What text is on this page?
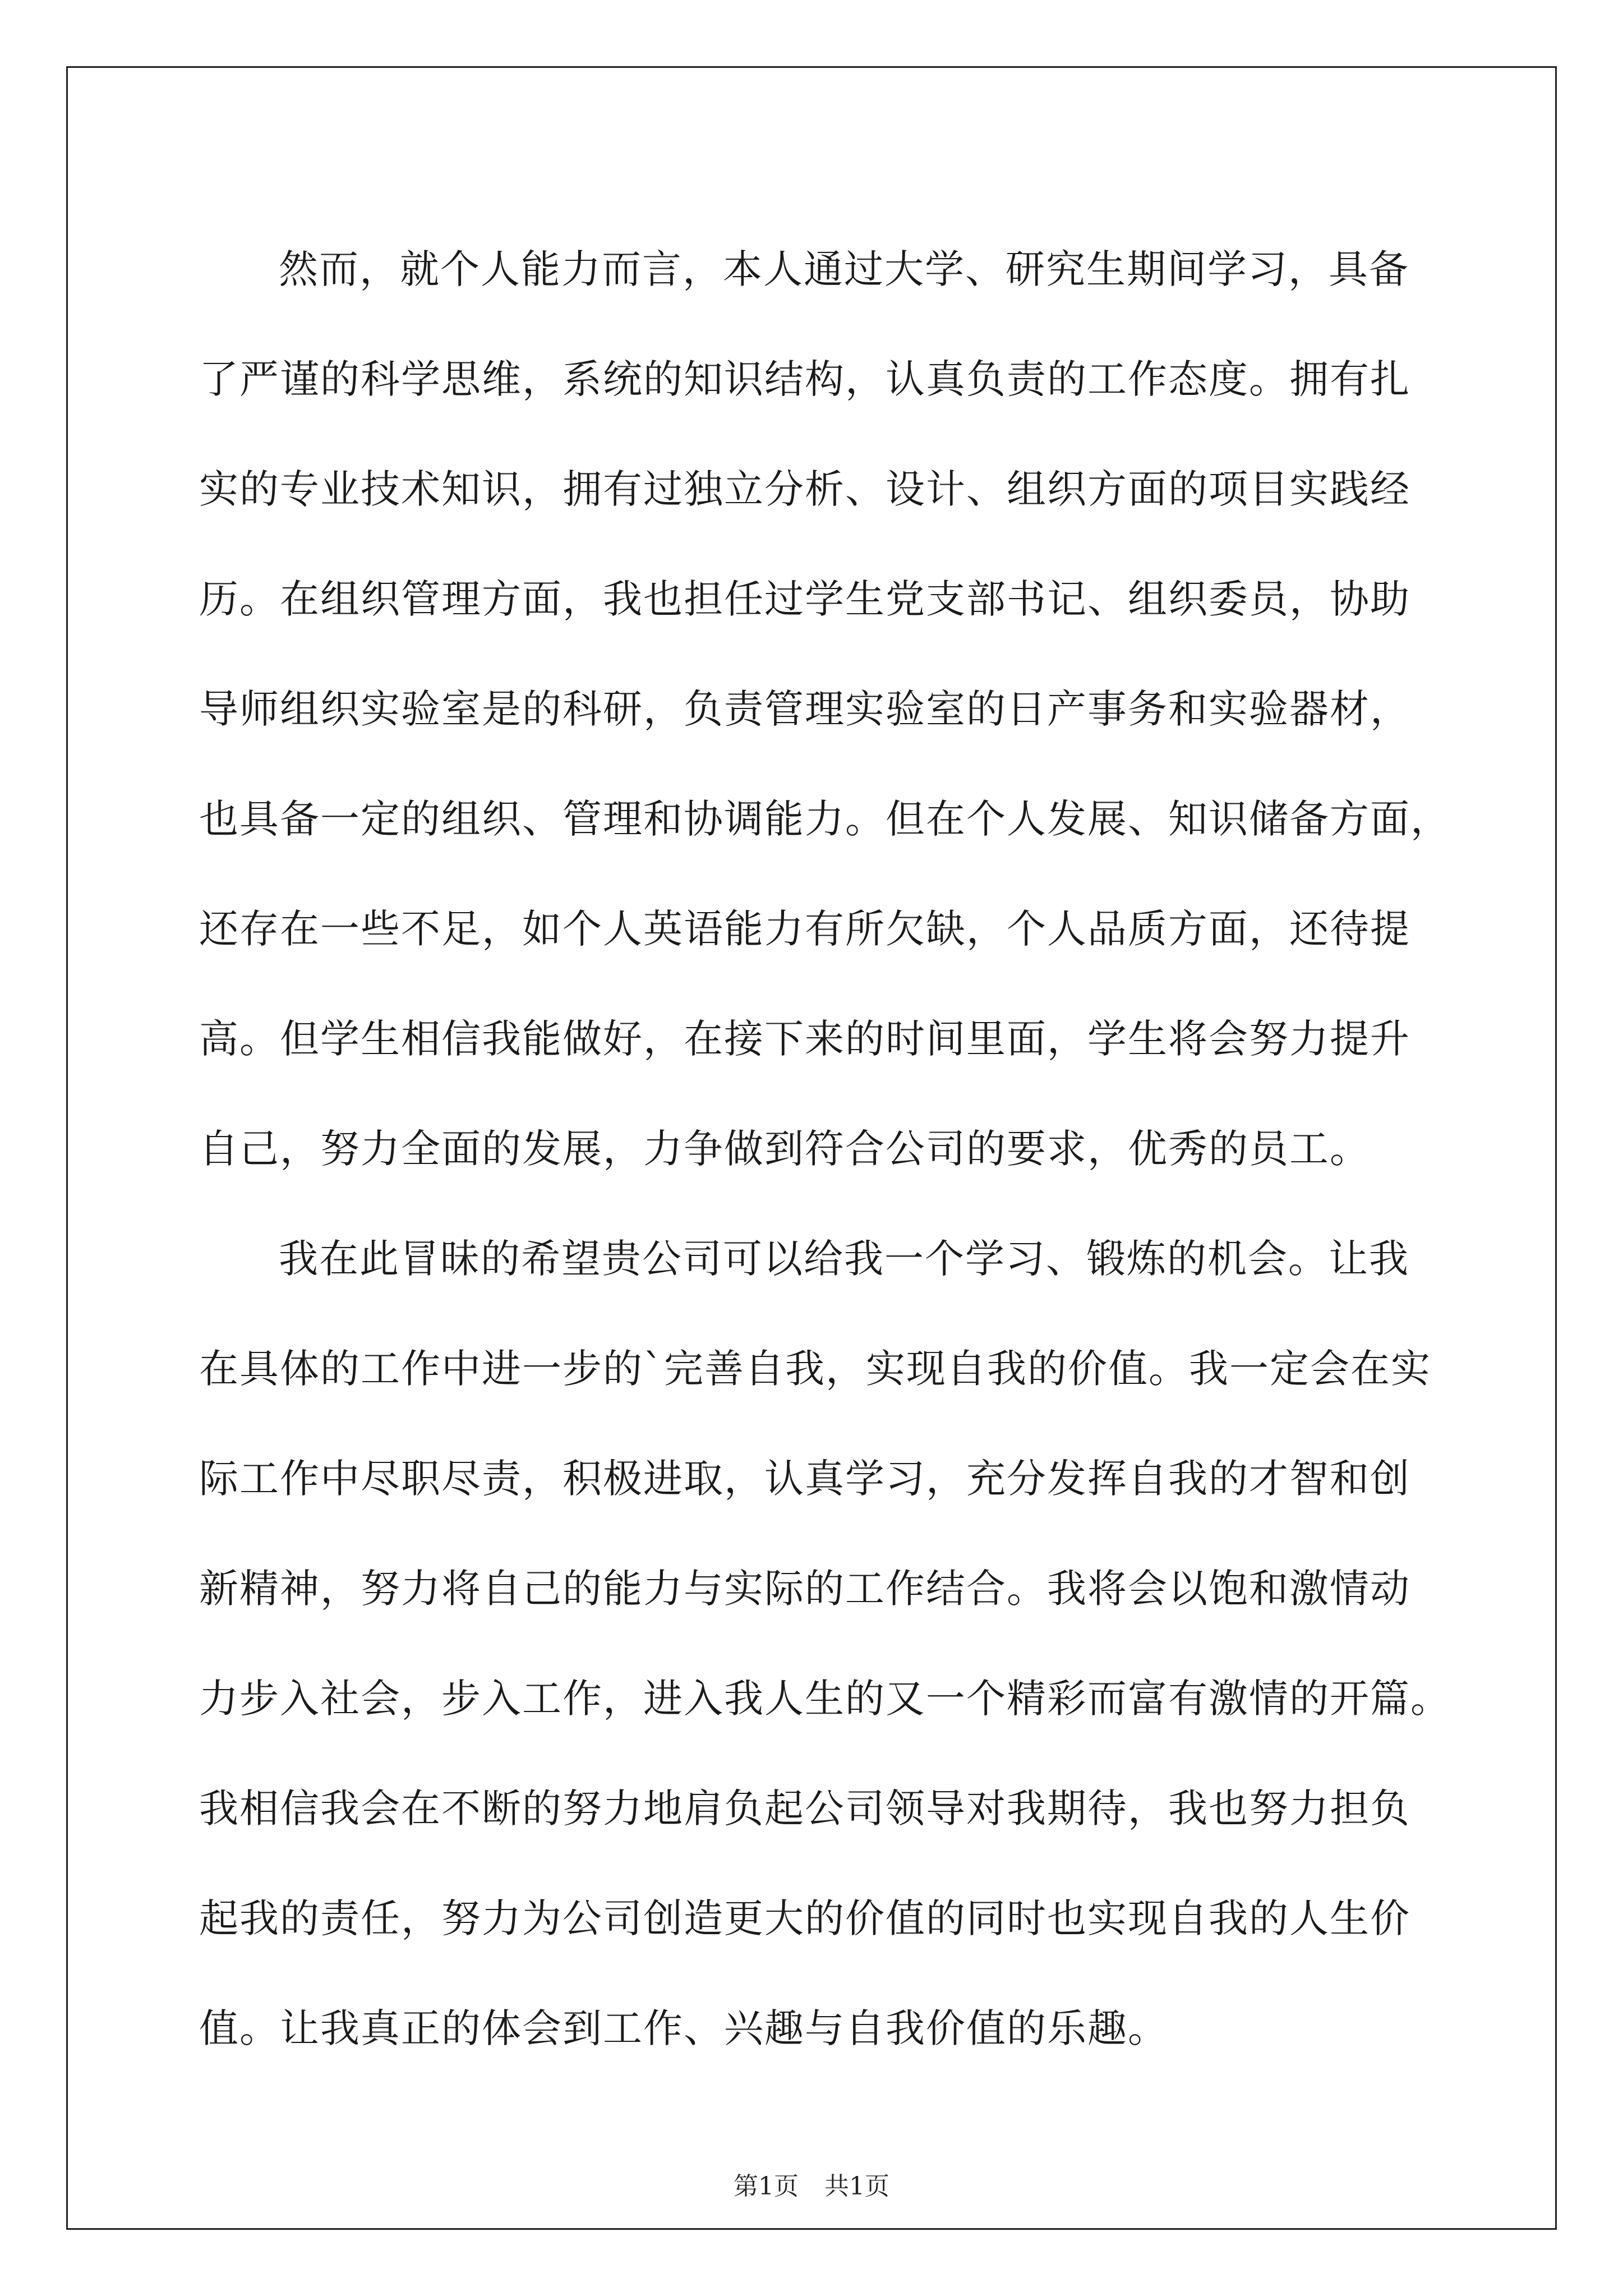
然而，就个人能力而言，本人通过大学、研究生期间学习，具备
了严谨的科学思维，系统的知识结构，认真负责的工作态度。拥有扎
实的专业技术知识，拥有过独立分析、设计、组织方面的项目实践经
历。在组织管理方面，我也担任过学生党支部书记、组织委员，协助
导师组织实验室是的科研，负责管理实验室的日产事务和实验器材，
也具备一定的组织、管理和协调能力。但在个人发展、知识储备方面，
还存在一些不足，如个人英语能力有所欠缺，个人品质方面，还待提
高。但学生相信我能做好，在接下来的时间里面，学生将会努力提升
自己，努力全面的发展，力争做到符合公司的要求，优秀的员工。
我在此冒昧的希望贵公司可以给我一个学习、锻炼的机会。让我
在具体的工作中进一步的`完善自我，实现自我的价值。我一定会在实
际工作中尽职尽责，积极进取，认真学习，充分发挥自我的才智和创
新精神，努力将自己的能力与实际的工作结合。我将会以饱和激情动
力步入社会，步入工作，进入我人生的又一个精彩而富有激情的开篇。
我相信我会在不断的努力地肩负起公司领导对我期待，我也努力担负
起我的责任，努力为公司创造更大的价值的同时也实现自我的人生价
值。让我真正的体会到工作、兴趣与自我价值的乐趣。
第1页 共1页
